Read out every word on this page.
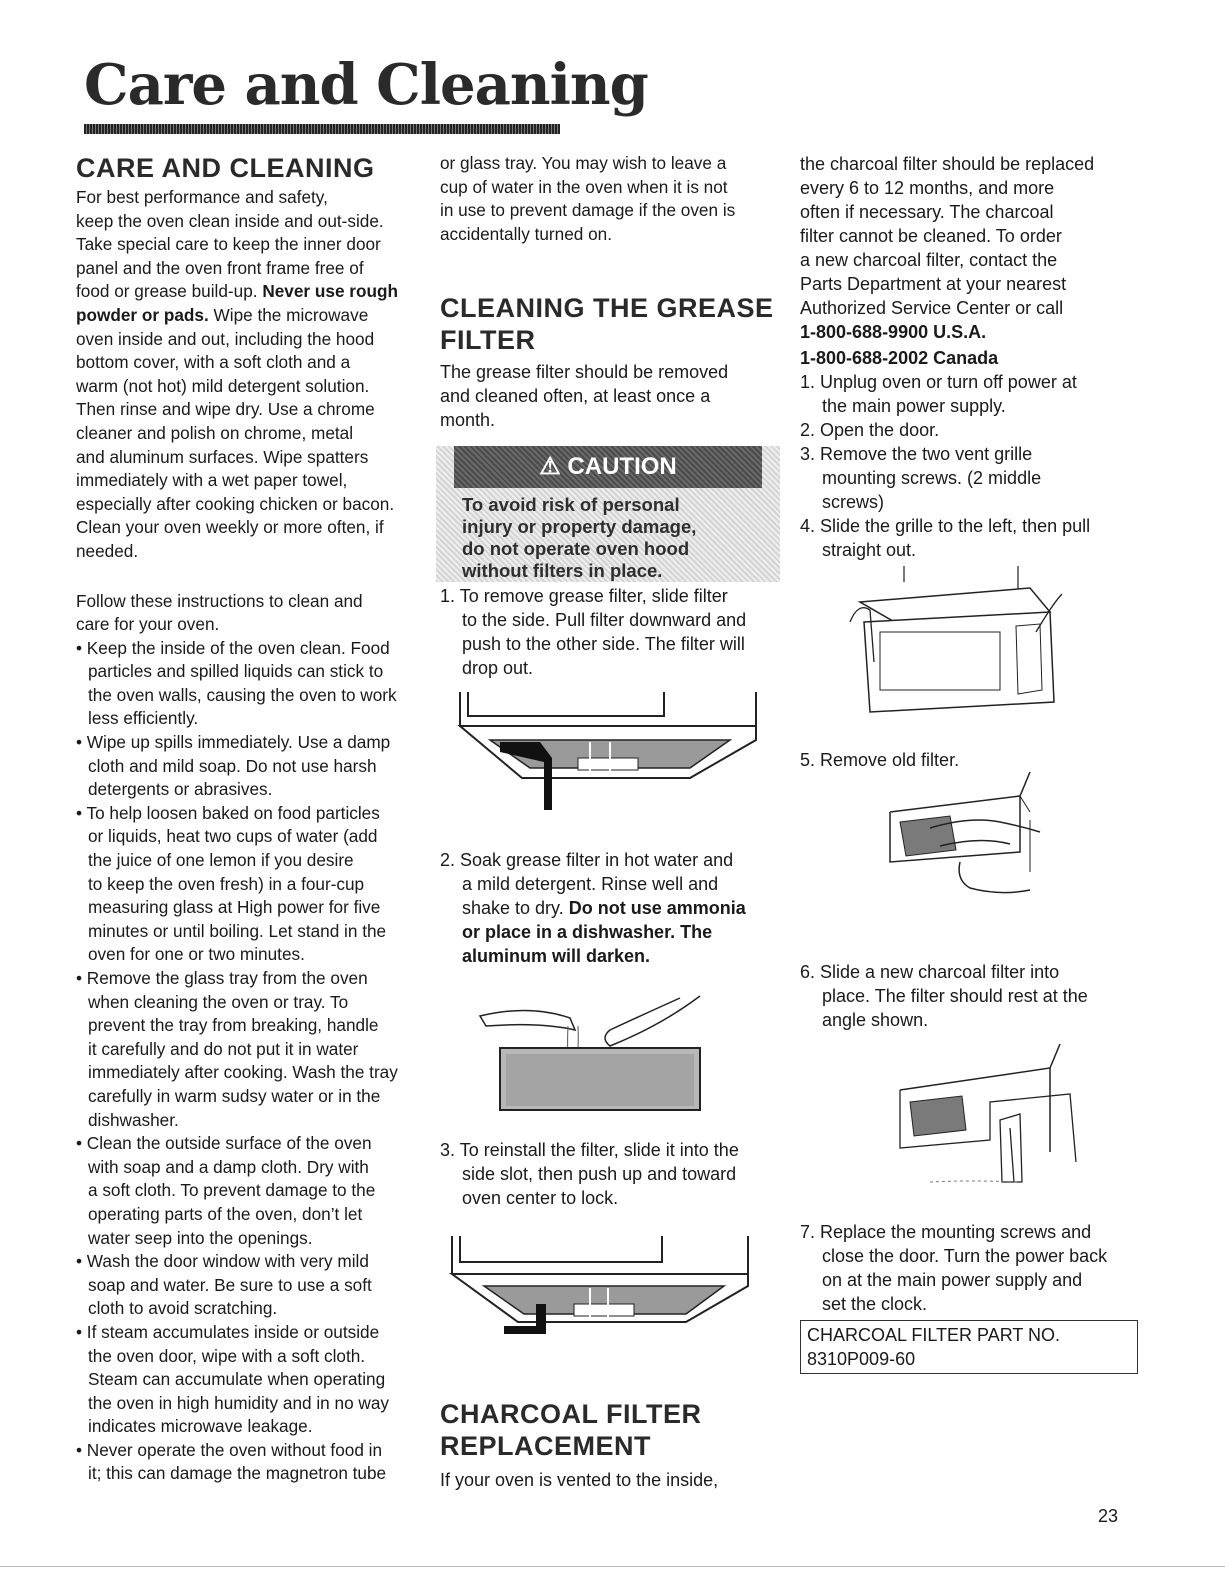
Care and Cleaning
CARE AND CLEANING
For best performance and safety,
keep the oven clean inside and out-side.
Take special care to keep the inner door
panel and the oven front frame free of
food or grease build-up. Never use rough
powder or pads. Wipe the microwave
oven inside and out, including the hood
bottom cover, with a soft cloth and a
warm (not hot) mild detergent solution.
Then rinse and wipe dry. Use a chrome
cleaner and polish on chrome, metal
and aluminum surfaces. Wipe spatters
immediately with a wet paper towel,
especially after cooking chicken or bacon.
Clean your oven weekly or more often, if
needed.
Follow these instructions to clean and
care for your oven.
• Keep the inside of the oven clean. Food
particles and spilled liquids can stick to
the oven walls, causing the oven to work
less efficiently.
• Wipe up spills immediately. Use a damp
cloth and mild soap. Do not use harsh
detergents or abrasives.
• To help loosen baked on food particles
or liquids, heat two cups of water (add
the juice of one lemon if you desire
to keep the oven fresh) in a four-cup
measuring glass at High power for five
minutes or until boiling. Let stand in the
oven for one or two minutes.
• Remove the glass tray from the oven
when cleaning the oven or tray. To
prevent the tray from breaking, handle
it carefully and do not put it in water
immediately after cooking. Wash the tray
carefully in warm sudsy water or in the
dishwasher.
• Clean the outside surface of the oven
with soap and a damp cloth. Dry with
a soft cloth. To prevent damage to the
operating parts of the oven, don’t let
water seep into the openings.
• Wash the door window with very mild
soap and water. Be sure to use a soft
cloth to avoid scratching.
• If steam accumulates inside or outside
the oven door, wipe with a soft cloth.
Steam can accumulate when operating
the oven in high humidity and in no way
indicates microwave leakage.
• Never operate the oven without food in
it; this can damage the magnetron tube
or glass tray. You may wish to leave a
cup of water in the oven when it is not
in use to prevent damage if the oven is
accidentally turned on.
CLEANING THE GREASE
FILTER
The grease filter should be removed
and cleaned often, at least once a
month.
⚠ CAUTION
To avoid risk of personal
injury or property damage,
do not operate oven hood
without filters in place.
1. To remove grease filter, slide filter
to the side. Pull filter downward and
push to the other side. The filter will
drop out.
2. Soak grease filter in hot water and
a mild detergent. Rinse well and
shake to dry. Do not use ammonia
or place in a dishwasher. The
aluminum will darken.
3. To reinstall the filter, slide it into the
side slot, then push up and toward
oven center to lock.
CHARCOAL FILTER
REPLACEMENT
If your oven is vented to the inside,
the charcoal filter should be replaced
every 6 to 12 months, and more
often if necessary. The charcoal
filter cannot be cleaned. To order
a new charcoal filter, contact the
Parts Department at your nearest
Authorized Service Center or call
1-800-688-9900 U.S.A.
1-800-688-2002 Canada
1. Unplug oven or turn off power at
the main power supply.
2. Open the door.
3. Remove the two vent grille
mounting screws. (2 middle
screws)
4. Slide the grille to the left, then pull
straight out.
5. Remove old filter.
6. Slide a new charcoal filter into
place. The filter should rest at the
angle shown.
7. Replace the mounting screws and
close the door. Turn the power back
on at the main power supply and
set the clock.
CHARCOAL FILTER PART NO.
8310P009-60
23
